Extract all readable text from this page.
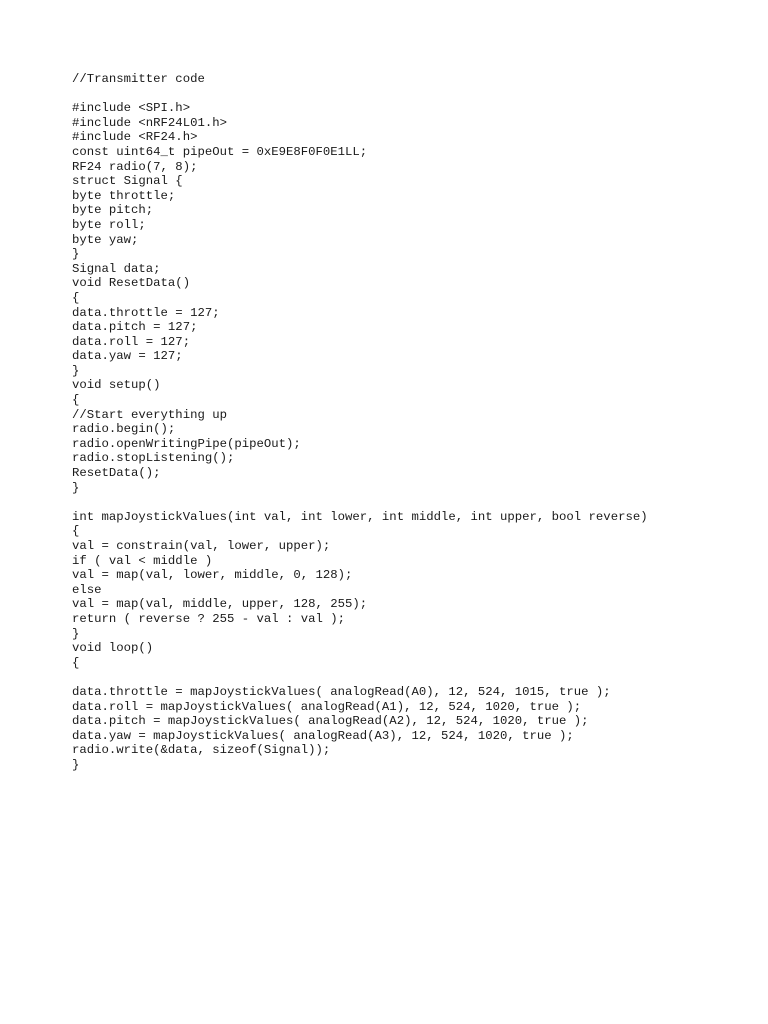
//Transmitter code
#include <SPI.h>
#include <nRF24L01.h>
#include <RF24.h>
const uint64_t pipeOut = 0xE9E8F0F0E1LL;
RF24 radio(7, 8);
struct Signal {
byte throttle;
byte pitch;
byte roll;
byte yaw;
}
Signal data;
void ResetData()
{
data.throttle = 127;
data.pitch = 127;
data.roll = 127;
data.yaw = 127;
}
void setup()
{
//Start everything up
radio.begin();
radio.openWritingPipe(pipeOut);
radio.stopListening();
ResetData();
}
int mapJoystickValues(int val, int lower, int middle, int upper, bool reverse)
{
val = constrain(val, lower, upper);
if ( val < middle )
val = map(val, lower, middle, 0, 128);
else
val = map(val, middle, upper, 128, 255);
return ( reverse ? 255 - val : val );
}
void loop()
{
data.throttle = mapJoystickValues( analogRead(A0), 12, 524, 1015, true );
data.roll = mapJoystickValues( analogRead(A1), 12, 524, 1020, true );
data.pitch = mapJoystickValues( analogRead(A2), 12, 524, 1020, true );
data.yaw = mapJoystickValues( analogRead(A3), 12, 524, 1020, true );
radio.write(&data, sizeof(Signal));
}
